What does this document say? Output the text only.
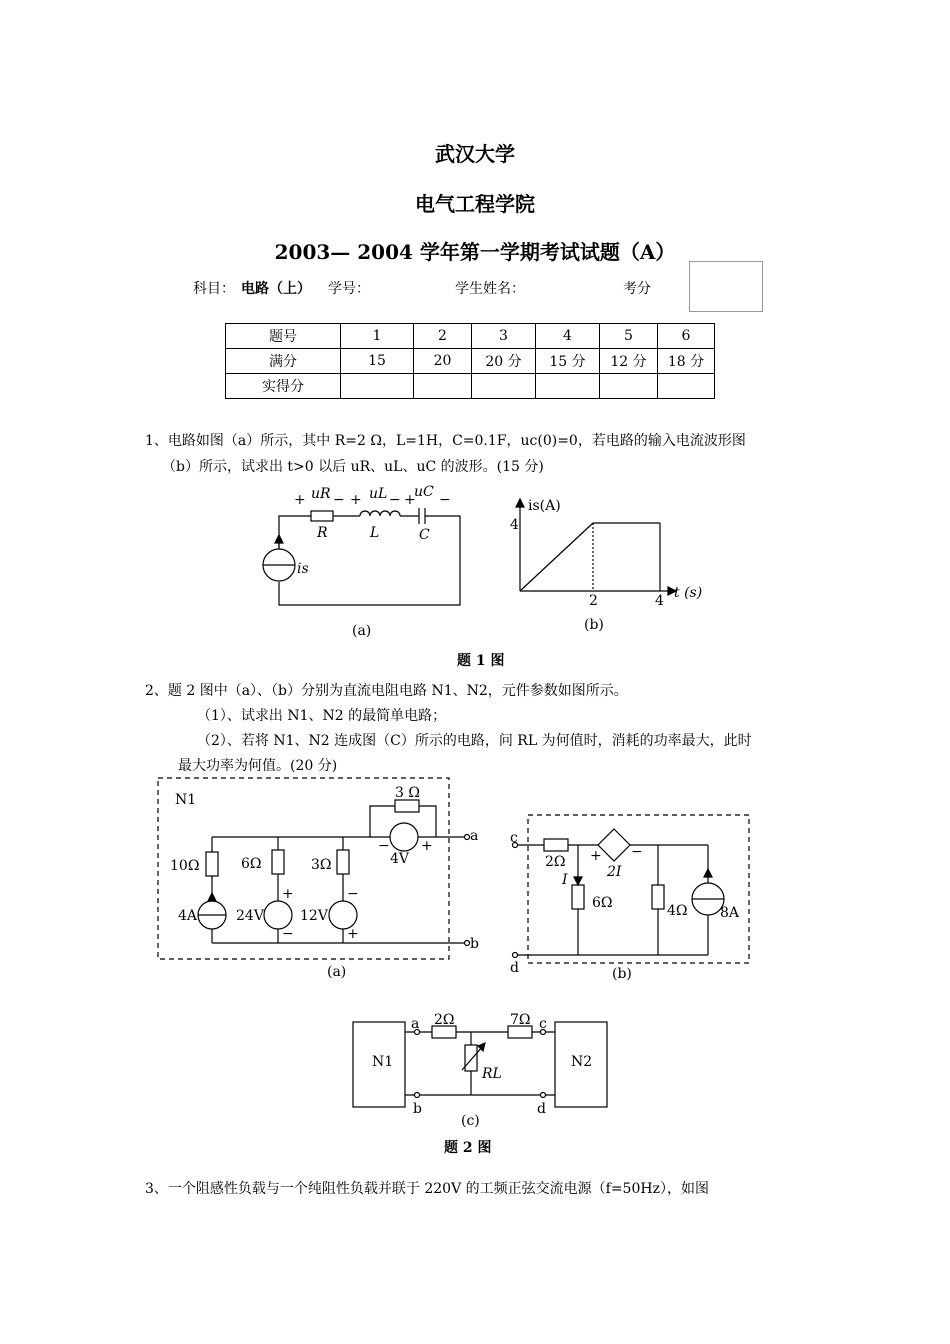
武汉大学
电气工程学院
2003— 2004 学年第一学期考试试题（A）
科目： 电路（上） 学号：	学生姓名：	考分
题号	1	2	3	4	5	6
满分	15	20	20 分	15 分	12 分	18 分
实得分						
1、电路如图（a）所示，其中 R=2 Ω，L=1H，C=0.1F，uc(0)=0，若电路的输入电流波形图
（b）所示，试求出 t>0 以后 uR、uL、uC 的波形。(15 分)
2、题 2 图中（a）、（b）分别为直流电阻电路 N1、N2，元件参数如图所示。
（1）、试求出 N1、N2 的最简单电路；
（2）、若将 N1、N2 连成图（C）所示的电路，问 RL 为何值时，消耗的功率最大，此时
最大功率为何值。(20 分)
3、一个阻感性负载与一个纯阻性负载并联于 220V 的工频正弦交流电源（f=50Hz），如图
+ uR − + uL − +
uC −
R	L	C
is
(a)
is(A)
4
2	4 t (s)
(b)
题 1 图
N1
10Ω	6Ω	3Ω
3 Ω
4A	24V	12V
4V
+
−
−
+
− +
a
b
(a)
c
d
2Ω + −
2I
I
6Ω	4Ω 8A
(b)
N1	N2
a
b
c
d
2Ω	7Ω
RL
(c)
题 2 图
